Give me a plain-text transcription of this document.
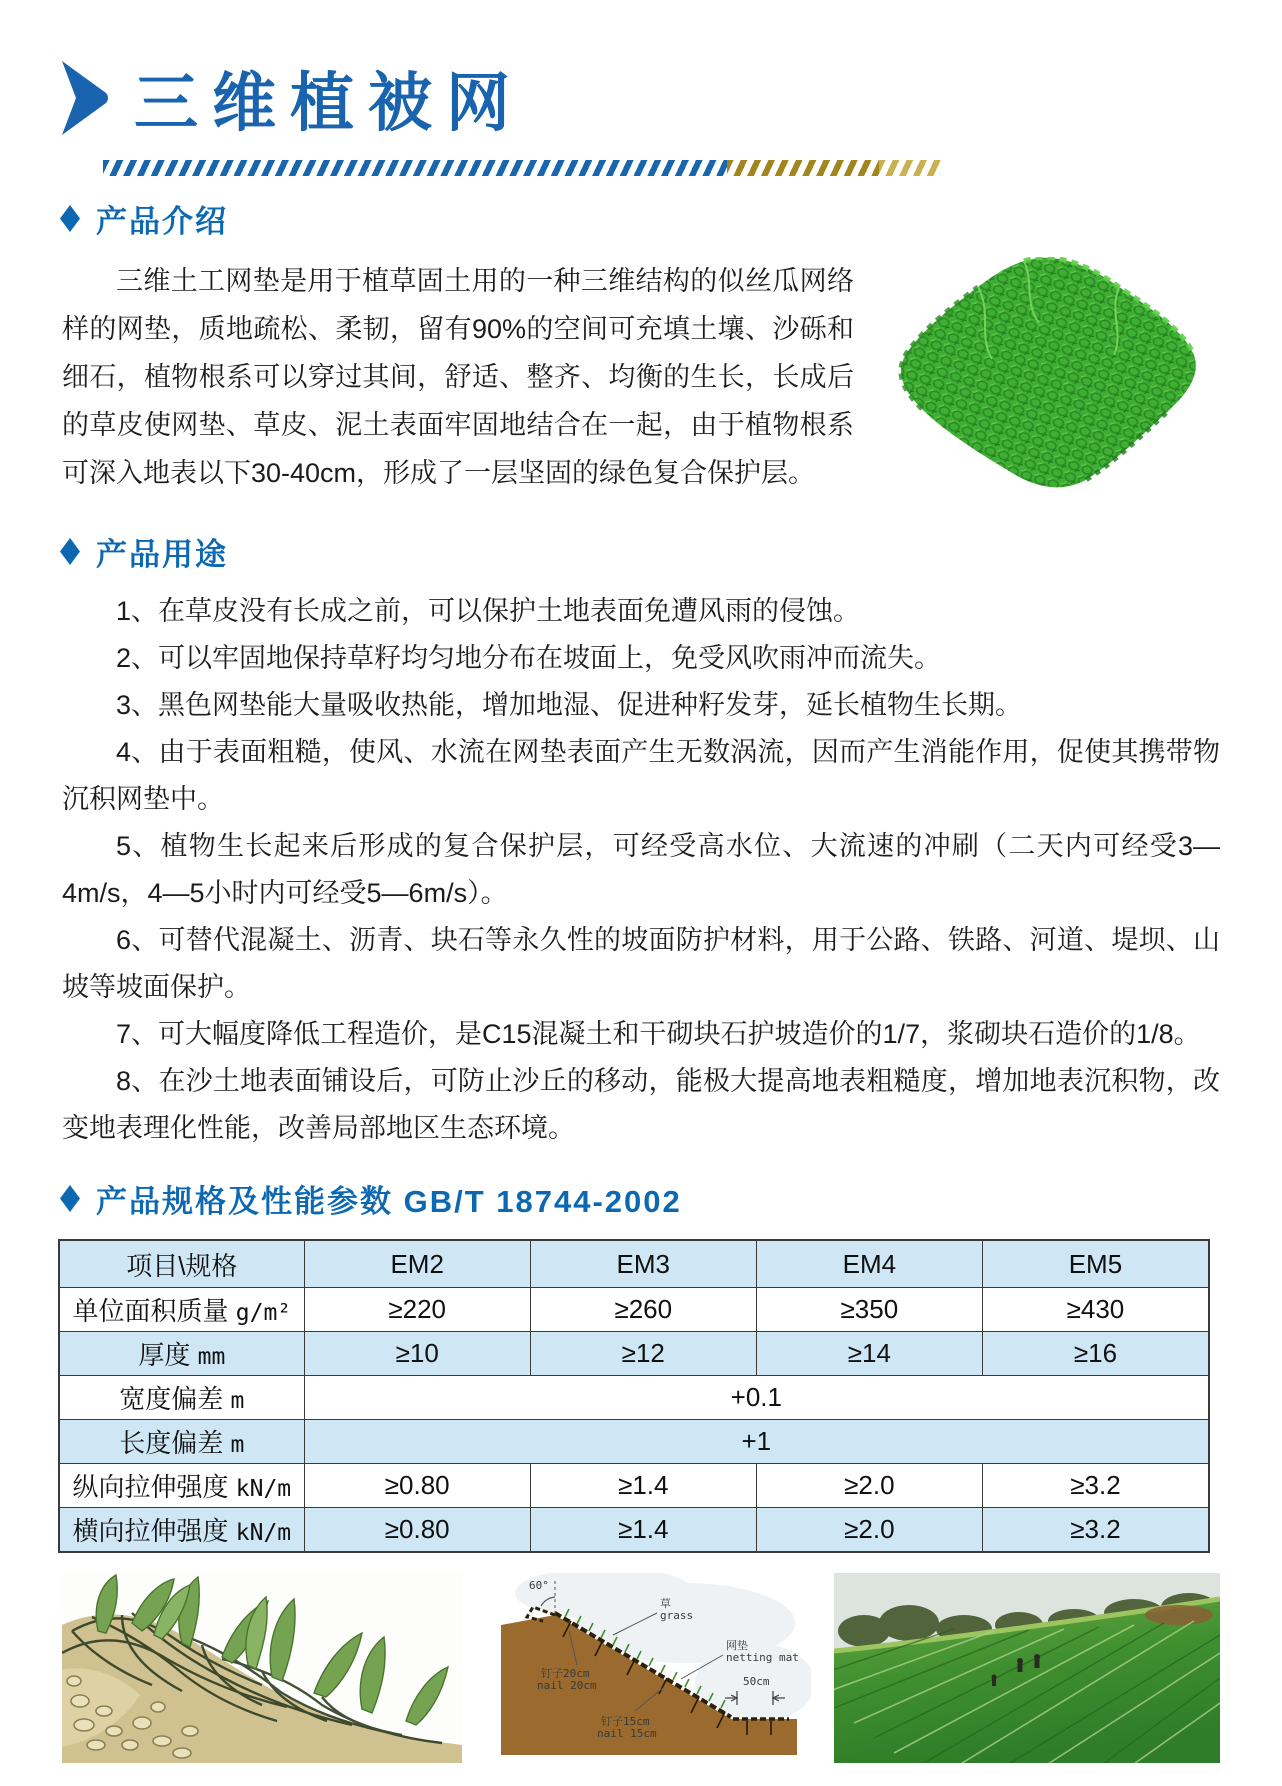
三维植被网
产品介绍

三维土工网垫是用于植草固土用的一种三维结构的似丝瓜网络样的网垫，质地疏松、柔韧，留有90%的空间可充填土壤、沙砾和细石，植物根系可以穿过其间，舒适、整齐、均衡的生长，长成后的草皮使网垫、草皮、泥土表面牢固地结合在一起，由于植物根系可深入地表以下30-40cm，形成了一层坚固的绿色复合保护层。

产品用途

1、在草皮没有长成之前，可以保护土地表面免遭风雨的侵蚀。

2、可以牢固地保持草籽均匀地分布在坡面上，免受风吹雨冲而流失。

3、黑色网垫能大量吸收热能，增加地湿、促进种籽发芽，延长植物生长期。

4、由于表面粗糙，使风、水流在网垫表面产生无数涡流，因而产生消能作用，促使其携带物沉积网垫中。

5、植物生长起来后形成的复合保护层，可经受高水位、大流速的冲刷（二天内可经受3—4m/s，4—5小时内可经受5—6m/s）。

6、可替代混凝土、沥青、块石等永久性的坡面防护材料，用于公路、铁路、河道、堤坝、山坡等坡面保护。

7、可大幅度降低工程造价，是C15混凝土和干砌块石护坡造价的1/7，浆砌块石造价的1/8。

8、在沙土地表面铺设后，可防止沙丘的移动，能极大提高地表粗糙度，增加地表沉积物，改变地表理化性能，改善局部地区生态环境。

产品规格及性能参数 GB/T 18744-2002
项目\规格	EM2	EM3	EM4	EM5
单位面积质量 g/m²	≥220	≥260	≥350	≥430
厚度 mm	≥10	≥12	≥14	≥16
宽度偏差 m	+0.1			
长度偏差 m	+1			
纵向拉伸强度 kN/m	≥0.80	≥1.4	≥2.0	≥3.2
横向拉伸强度 kN/m	≥0.80	≥1.4	≥2.0	≥3.2
60°
草
grass
网垫
netting mat
钉子20cm
nail 20cm
钉子15cm
nail 15cm
50cm
